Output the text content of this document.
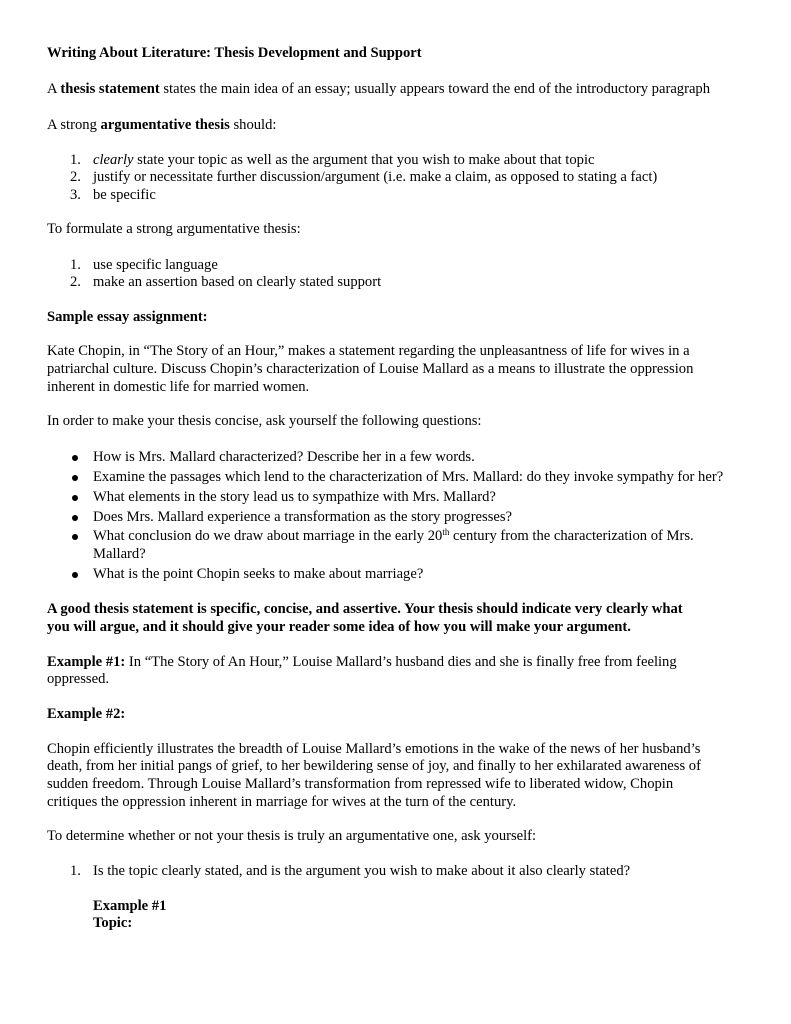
Writing About Literature: Thesis Development and Support
A thesis statement states the main idea of an essay; usually appears toward the end of the introductory paragraph
A strong argumentative thesis should:
1. clearly state your topic as well as the argument that you wish to make about that topic
2. justify or necessitate further discussion/argument (i.e. make a claim, as opposed to stating a fact)
3. be specific
To formulate a strong argumentative thesis:
1. use specific language
2. make an assertion based on clearly stated support
Sample essay assignment:
Kate Chopin, in “The Story of an Hour,” makes a statement regarding the unpleasantness of life for wives in a
patriarchal culture. Discuss Chopin’s characterization of Louise Mallard as a means to illustrate the oppression
inherent in domestic life for married women.
In order to make your thesis concise, ask yourself the following questions:
How is Mrs. Mallard characterized? Describe her in a few words.
Examine the passages which lend to the characterization of Mrs. Mallard: do they invoke sympathy for her?
What elements in the story lead us to sympathize with Mrs. Mallard?
Does Mrs. Mallard experience a transformation as the story progresses?
What conclusion do we draw about marriage in the early 20th century from the characterization of Mrs.
Mallard?
What is the point Chopin seeks to make about marriage?
A good thesis statement is specific, concise, and assertive. Your thesis should indicate very clearly what
you will argue, and it should give your reader some idea of how you will make your argument.
Example #1: In “The Story of An Hour,” Louise Mallard’s husband dies and she is finally free from feeling
oppressed.
Example #2:
Chopin efficiently illustrates the breadth of Louise Mallard’s emotions in the wake of the news of her husband’s
death, from her initial pangs of grief, to her bewildering sense of joy, and finally to her exhilarated awareness of
sudden freedom. Through Louise Mallard’s transformation from repressed wife to liberated widow, Chopin
critiques the oppression inherent in marriage for wives at the turn of the century.
To determine whether or not your thesis is truly an argumentative one, ask yourself:
1. Is the topic clearly stated, and is the argument you wish to make about it also clearly stated?
Example #1
Topic:
